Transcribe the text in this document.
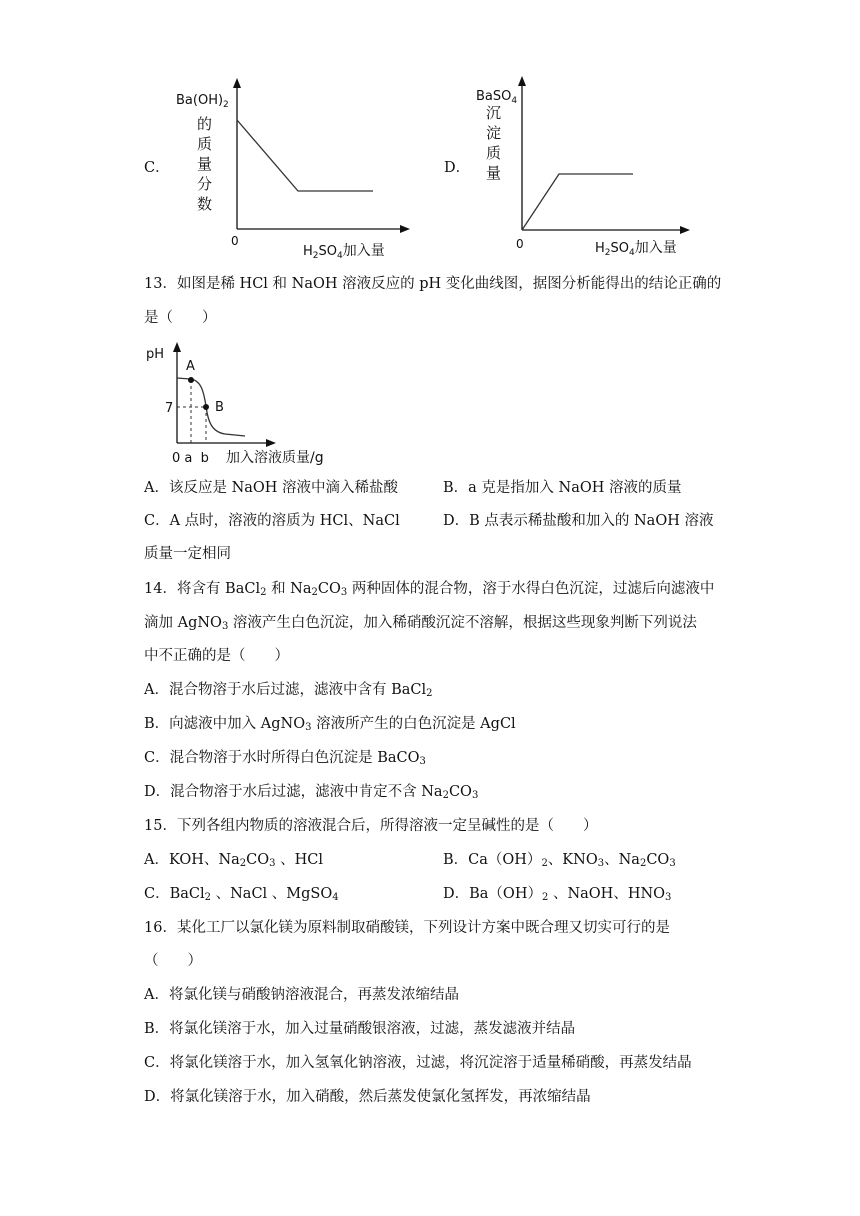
C．
$Ba(OH)_2$
的
质
量
分
数
0
$H_2SO_4$加入量
D．
BaSO$_4$
沉
淀
质
量
0	$H_2SO_4$加入量
13．如图是稀 HCl 和 NaOH 溶液反应的 pH 变化曲线图，据图分析能得出的结论正确的
是（　　）
pH
A
B
7
0 a  b 加入溶液质量/g
A．该反应是 NaOH 溶液中滴入稀盐酸	B．a 克是指加入 NaOH 溶液的质量
C．A 点时，溶液的溶质为 HCl、NaCl	D．B 点表示稀盐酸和加入的 NaOH 溶液
质量一定相同
14．将含有 BaCl$_2$ 和 $Na_2CO_3$ 两种固体的混合物，溶于水得白色沉淀，过滤后向滤液中
滴加 AgNO$_3$ 溶液产生白色沉淀，加入稀硝酸沉淀不溶解，根据这些现象判断下列说法
中不正确的是（　　）
A．混合物溶于水后过滤，滤液中含有 BaCl$_2$
B．向滤液中加入 AgNO$_3$ 溶液所产生的白色沉淀是 AgCl
C．混合物溶于水时所得白色沉淀是 BaCO$_3$
D．混合物溶于水后过滤，滤液中肯定不含 $Na_2CO_3$
15．下列各组内物质的溶液混合后，所得溶液一定呈碱性的是（　　）
A．KOH、$Na_2CO_3$ 、HCl	B．$Ca(OH)_2$、$KNO_3$、$Na_2CO_3$
C．BaCl$_2$ 、NaCl 、MgSO$_4$	D．$Ba(OH)_2$ 、NaOH、$HNO_3$
16．某化工厂以氯化镁为原料制取硝酸镁，下列设计方案中既合理又切实可行的是
（　　）
A．将氯化镁与硝酸钠溶液混合，再蒸发浓缩结晶
B．将氯化镁溶于水，加入过量硝酸银溶液，过滤，蒸发滤液并结晶
C．将氯化镁溶于水，加入氢氧化钠溶液，过滤，将沉淀溶于适量稀硝酸，再蒸发结晶
D．将氯化镁溶于水，加入硝酸，然后蒸发使氯化氢挥发，再浓缩结晶
